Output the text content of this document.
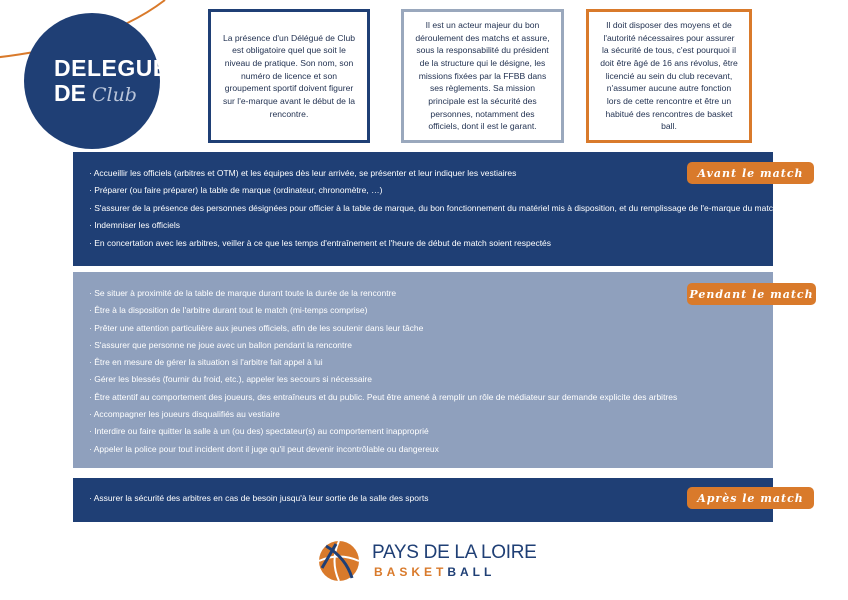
DELEGUE
DE Club
La présence d'un Délégué de Club est obligatoire quel que soit le niveau de pratique. Son nom, son numéro de licence et son groupement sportif doivent figurer sur l'e-marque avant le début de la rencontre.
Il est un acteur majeur du bon déroulement des matchs et assure, sous la responsabilité du président de la structure qui le désigne, les missions fixées par la FFBB dans ses règlements. Sa mission principale est la sécurité des personnes, notamment des officiels, dont il est le garant.
Il doit disposer des moyens et de l'autorité nécessaires pour assurer la sécurité de tous, c'est pourquoi il doit être âgé de 16 ans révolus, être licencié au sein du club recevant, n'assumer aucune autre fonction lors de cette rencontre et être un habitué des rencontres de basket ball.
· Accueillir les officiels (arbitres et OTM) et les équipes dès leur arrivée, se présenter et leur indiquer les vestiaires
· Préparer (ou faire préparer) la table de marque (ordinateur, chronomètre, …)
· S'assurer de la présence des personnes désignées pour officier à la table de marque, du bon fonctionnement du matériel mis à disposition, et du remplissage de l'e-marque du match
· Indemniser les officiels
· En concertation avec les arbitres, veiller à ce que les temps d'entraînement et l'heure de début de match soient respectés
Avant le match
· Se situer à proximité de la table de marque durant toute la durée de la rencontre
· Être à la disposition de l'arbitre durant tout le match (mi-temps comprise)
· Prêter une attention particulière aux jeunes officiels, afin de les soutenir dans leur tâche
· S'assurer que personne ne joue avec un ballon pendant la rencontre
· Être en mesure de gérer la situation si l'arbitre fait appel à lui
· Gérer les blessés (fournir du froid, etc.), appeler les secours si nécessaire
· Être attentif au comportement des joueurs, des entraîneurs et du public. Peut être amené à remplir un rôle de médiateur sur demande explicite des arbitres
· Accompagner les joueurs disqualifiés au vestiaire
· Interdire ou faire quitter la salle à un (ou des) spectateur(s) au comportement inapproprié
· Appeler la police pour tout incident dont il juge qu'il peut devenir incontrôlable ou dangereux
Pendant le match
· Assurer la sécurité des arbitres en cas de besoin jusqu'à leur sortie de la salle des sports	Après le match
PAYS DE LA LOIRE
BASKETBALL
